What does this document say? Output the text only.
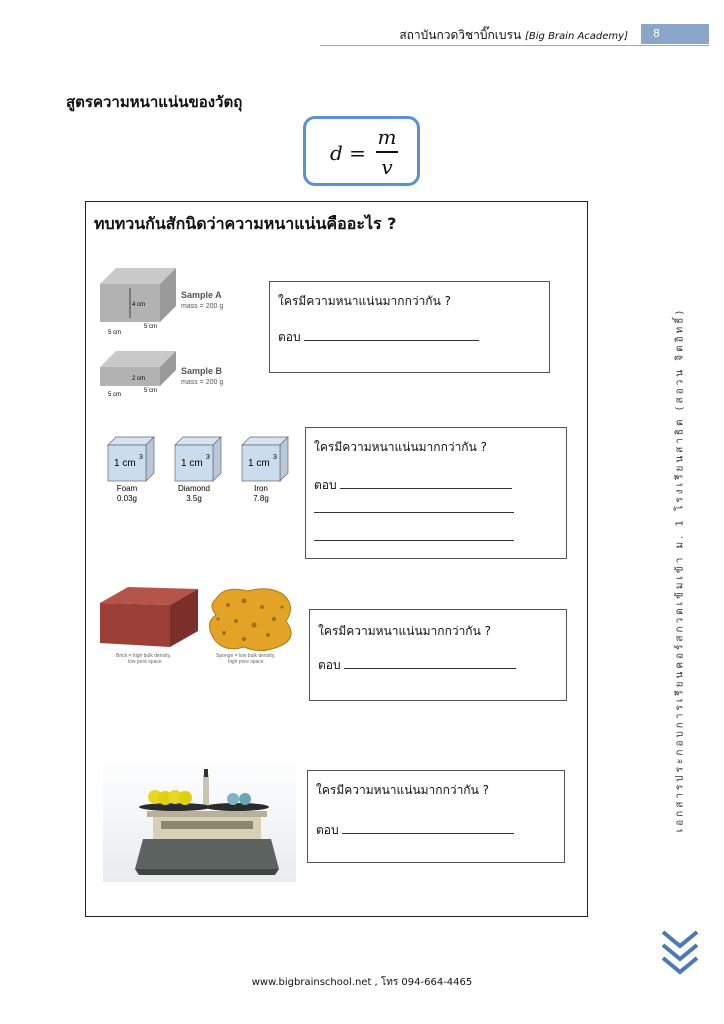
สถาบันกวดวิชาบิ๊กเบรน [Big Brain Academy]	8
สูตรความหนาแน่นของวัตถุ
d =
m
v
ทบทวนกันสักนิดว่าความหนาแน่นคืออะไร ?
4 cm
5 cm
5 cm
Sample A
mass = 200 g
2 cm
5 cm
5 cm
Sample B
mass = 200 g
ใครมีความหนาแน่นมากกว่ากัน ?
ตอบ
1 cm
3
Foam
0.03g
1 cm
3
Diamond
3.5g
1 cm
3
Iron
7.8g
ใครมีความหนาแน่นมากกว่ากัน ?
ตอบ
Brick = high bulk density,
low pore space
Sponge = low bulk density,
high pore space
ใครมีความหนาแน่นมากกว่ากัน ?
ตอบ
ใครมีความหนาแน่นมากกว่ากัน ?
ตอบ	เอกสารประกอบการเรียนคอร์สกวดเข้มเข้า ม. 1 โรงเรียนสาธิต (สอวน จิตอิทธิ์)
www.bigbrainschool.net , โทร 094-664-4465
